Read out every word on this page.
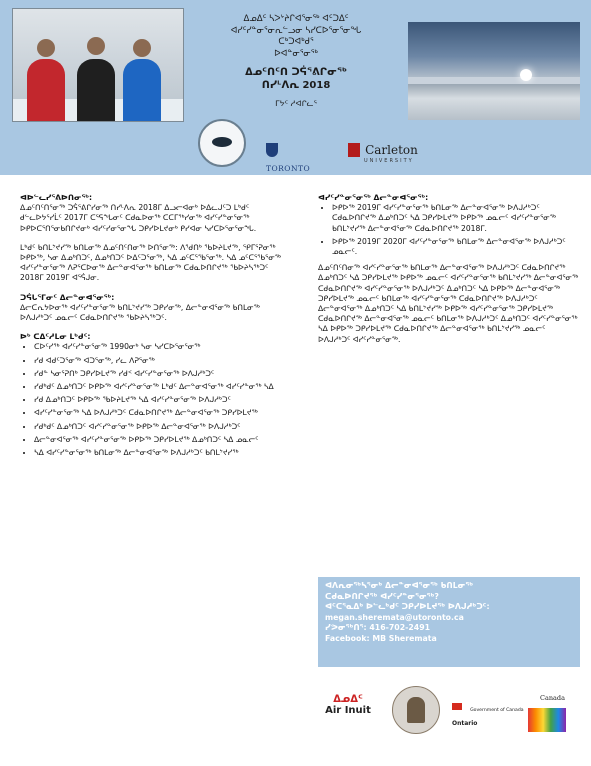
ᐃᓄᐃᑦ ᓴᐳᔾᔨᒋᐊᕐᓂᖅ ᐊᑦᑐᐃᑦ
ᐊᓯᑦᓯᓐᓂᕐᓂᕆᓪᓗᓂ ᓴᓯᑕᐅᕐᓂᕐᓂᖓ
ᑕᒃᑐᐊᒃᑯᕐ
ᐅᐊᓐᓂᕐᓂᖅ
ᐃᓄᑦᑎᑦᑎ ᑐᕌᕐᕕᒋᓂᖅ
ᑎᓯᒻᐱᕆ 2018
ᒥᔭᑦ ᓱᐊᒋᓚᕐ
TORONTO
Carleton
UNIVERSITY

ᐊᐅᓪᓚᓯᕐᕕᐅᑎᓂᖅ:

ᐃᓄᑦᑎᑦᑎᕐᓂᖅ ᑐᕌᕐᕕᒋᓯᓂᖅ ᑎᓯᒻᐱᕆ 2018ᒥ ᐃᓗᓕᐊᓂᒃ ᐅᐃᓚᒍᑦᑐ ᒪᒃᑯᑦ ᑯᓪᓚᐅᔭᕐᓯᒫᑦ 2017ᒥ ᑕᕐᕋᖓᓂᑦ ᑕᑯᓇᐅᓂᖅ ᑕᑕᒥᖅᓯᓂᖅ ᐊᓯᑦᓯᓐᓂᕐᓂᖅ ᐅᑭᐅᑕᕐᑎᕐᓂᑲᑎᒋᔪᓂᒃ ᐊᓯᑦᓯᓂᕐᓂᖓ ᑐᑭᓯᐅᒪᔪᓂᒃ ᑭᓯᐊᓂ ᓴᓯᑕᐅᕐᓂᕐᓂᖓ.

ᒪᒃᑯᑦ ᑲᑎᒪᔾᔪᓯᖅ ᑲᑎᒪᓂᖅ ᐃᓄᑦᑎᑦᑎᓂᖅ ᐅᑎᕐᓂᖅ: ᐱᖁᑎᒃ ᖃᐅᔨᒪᔪᖅ, ᕿᒥᕐᕈᓂᖅ ᐅᑭᐅᖅ, ᓴᓂ ᐃᓄᒃᑎᑐᑦ, ᐃᓄᒃᑎᑐᑦ ᐅᐃᑦᑐᕐᓂᖅ, ᓴᐃ ᓄᑦᑕᕐᖃᕐᓂᖅ. ᓴᐃ ᓄᑦᑕᕐᖃᕐᓂᖅ ᐊᓯᑦᓯᓐᓂᕐᓂᖅ ᐱᕈᕐᑕᐅᓂᖅ ᐃᓕᓐᓂᐊᕐᓂᖅ ᑲᑎᒪᓂᖅ ᑕᑯᓇᐅᑎᒋᔪᖅ ᖃᐅᔨᓴᖅᑐᑦ 2018ᒥ 2019ᒥ ᐊᕐᕌᒍᓂ.

ᑐᕌᒐᕐᒥᓂᑦ ᐃᓕᓐᓂᐊᕐᓂᖅ:

ᐃᓕᑕᕆᔭᐅᓂᖅ ᐊᓯᑦᓯᓐᓂᕐᓂᖅ ᑲᑎᒪᔾᔪᓯᖅ ᑐᑭᓯᓂᖅ, ᐃᓕᓐᓂᐊᕐᓂᖅ ᑲᑎᒪᓂᖅ ᐅᐱᒍᓱᒃᑐᑦ ᓄᓇᓕᑦ ᑕᑯᓇᐅᑎᒋᔪᖅ ᖃᐅᔨᓴᖅᑐᑦ.

ᐅᒃ ᑕᐃᑦᓱᒪᓂ ᒪᒃᑯᑦ:

• ᑕᐅᑦᓯᖅ ᐊᓯᑦᓯᓐᓂᕐᓂᖅ 1990ᓂᒃ ᓴᓂ ᓴᓯᑕᐅᕐᓂᕐᓂᖅ
• ᓯᑯ ᐊᑯᑦᑐᕐᓂᖅ ᐊᑐᕐᓂᖅ, ᓯᓚ ᐱᕈᕐᓂᖅ
• ᓯᑯᓐ ᓴᓂᕐᕈᑎᒃ ᑐᑭᓯᐅᒪᔪᖅ ᓯᑯᑉ ᐊᓯᑦᓯᓐᓂᕐᓂᖅ ᐅᐱᒍᓱᒃᑐᑦ
• ᓯᑯᒃᑯᑦ ᐃᓄᒃᑎᑐᑦ ᐅᑭᐅᖅ ᐊᓯᑦᓯᓐᓂᕐᓂᖅ ᒪᒃᑯᑦ ᐃᓕᓐᓂᐊᕐᓂᖅ ᐊᓯᑦᓯᓐᓂᖅ ᓴᐃ
• ᓯᑯ ᐃᓄᒃᑎᑐᑦ ᐅᑭᐅᖅ ᖃᐅᔨᒪᔪᖅ ᓴᐃ ᐊᓯᑦᓯᓐᓂᕐᓂᖅ ᐅᐱᒍᓱᒃᑐᑦ
• ᐊᓯᑦᓯᓐᓂᕐᓂᖅ ᓴᐃ ᐅᐱᒍᓱᒃᑐᑦ ᑕᑯᓇᐅᑎᒋᔪᖅ ᐃᓕᓐᓂᐊᕐᓂᖅ ᑐᑭᓯᐅᒪᔪᖅ
• ᓯᑯᒃᑯᑦ ᐃᓄᒃᑎᑐᑦ ᐊᓯᑦᓯᓐᓂᕐᓂᖅ ᐅᑭᐅᖅ ᐃᓕᓐᓂᐊᕐᓂᖅ ᐅᐱᒍᓱᒃᑐᑦ
• ᐃᓕᓐᓂᐊᕐᓂᖅ ᐊᓯᑦᓯᓐᓂᕐᓂᖅ ᐅᑭᐅᖅ ᑐᑭᓯᐅᒪᔪᖅ ᐃᓄᒃᑎᑐᑦ ᓴᐃ ᓄᓇᓕᑦ
• ᓴᐃ ᐊᓯᑦᓯᓐᓂᕐᓂᖅ ᑲᑎᒪᓂᖅ ᐃᓕᓐᓂᐊᕐᓂᖅ ᐅᐱᒍᓱᒃᑐᑦ ᑲᑎᒪᔾᔪᓯᖅ

ᐊᓯᑦᓯᓐᓂᕐᓂᖅ ᐃᓕᓐᓂᐊᕐᓂᖅ:

• ᐅᑭᐅᖅ 2019ᒥ ᐊᓯᑦᓯᓐᓂᕐᓂᖅ ᑲᑎᒪᓂᖅ ᐃᓕᓐᓂᐊᕐᓂᖅ ᐅᐱᒍᓱᒃᑐᑦ ᑕᑯᓇᐅᑎᒋᔪᖅ ᐃᓄᒃᑎᑐᑦ ᓴᐃ ᑐᑭᓯᐅᒪᔪᖅ ᐅᑭᐅᖅ ᓄᓇᓕᑦ ᐊᓯᑦᓯᓐᓂᕐᓂᖅ ᑲᑎᒪᔾᔪᓯᖅ ᐃᓕᓐᓂᐊᕐᓂᖅ ᑕᑯᓇᐅᑎᒋᔪᖅ 2018ᒥ.
• ᐅᑭᐅᖅ 2019ᒥ 2020ᒥ ᐊᓯᑦᓯᓐᓂᕐᓂᖅ ᑲᑎᒪᓂᖅ ᐃᓕᓐᓂᐊᕐᓂᖅ ᐅᐱᒍᓱᒃᑐᑦ ᓄᓇᓕᑦ.

ᐃᓄᑦᑎᑦᑎᓂᖅ ᐊᓯᑦᓯᓐᓂᕐᓂᖅ ᑲᑎᒪᓂᖅ ᐃᓕᓐᓂᐊᕐᓂᖅ ᐅᐱᒍᓱᒃᑐᑦ ᑕᑯᓇᐅᑎᒋᔪᖅ ᐃᓄᒃᑎᑐᑦ ᓴᐃ ᑐᑭᓯᐅᒪᔪᖅ ᐅᑭᐅᖅ ᓄᓇᓕᑦ ᐊᓯᑦᓯᓐᓂᕐᓂᖅ ᑲᑎᒪᔾᔪᓯᖅ ᐃᓕᓐᓂᐊᕐᓂᖅ ᑕᑯᓇᐅᑎᒋᔪᖅ ᐊᓯᑦᓯᓐᓂᕐᓂᖅ ᐅᐱᒍᓱᒃᑐᑦ ᐃᓄᒃᑎᑐᑦ ᓴᐃ ᐅᑭᐅᖅ ᐃᓕᓐᓂᐊᕐᓂᖅ ᑐᑭᓯᐅᒪᔪᖅ ᓄᓇᓕᑦ ᑲᑎᒪᓂᖅ ᐊᓯᑦᓯᓐᓂᕐᓂᖅ ᑕᑯᓇᐅᑎᒋᔪᖅ ᐅᐱᒍᓱᒃᑐᑦ ᐃᓕᓐᓂᐊᕐᓂᖅ ᐃᓄᒃᑎᑐᑦ ᓴᐃ ᑲᑎᒪᔾᔪᓯᖅ ᐅᑭᐅᖅ ᐊᓯᑦᓯᓐᓂᕐᓂᖅ ᑐᑭᓯᐅᒪᔪᖅ ᑕᑯᓇᐅᑎᒋᔪᖅ ᐃᓕᓐᓂᐊᕐᓂᖅ ᓄᓇᓕᑦ ᑲᑎᒪᓂᖅ ᐅᐱᒍᓱᒃᑐᑦ ᐃᓄᒃᑎᑐᑦ ᐊᓯᑦᓯᓐᓂᕐᓂᖅ ᓴᐃ ᐅᑭᐅᖅ ᑐᑭᓯᐅᒪᔪᖅ ᑕᑯᓇᐅᑎᒋᔪᖅ ᐃᓕᓐᓂᐊᕐᓂᖅ ᑲᑎᒪᔾᔪᓯᖅ ᓄᓇᓕᑦ ᐅᐱᒍᓱᒃᑐᑦ ᐊᓯᑦᓯᓐᓂᕐᓂᖅ.

ᐊᐱᕆᓂᖅᓴᕐᓂᒃ ᐃᓕᓐᓂᐊᕐᓂᖅ ᑲᑎᒪᓂᖅ
ᑕᑯᓇᐅᑎᒋᔪᖅ ᐊᓯᑦᓯᓐᓂᕐᓂᖅ?
ᐊᑦᑕᕐᓇᐃᒃ ᐅᓪᓚᒃᑯᑦ ᑐᑭᓯᐅᒪᔪᖅ ᐅᐱᒍᓱᒃᑐᑦ:
megan.sheremata@utoronto.ca
ᓯᕗᓂᖅᑎᕐ: 416-702-2491
Facebook: MB Sheremata
ᐃᓄᐃᑦ
Air Inuit	Government of Canada
Ontario
Canada
